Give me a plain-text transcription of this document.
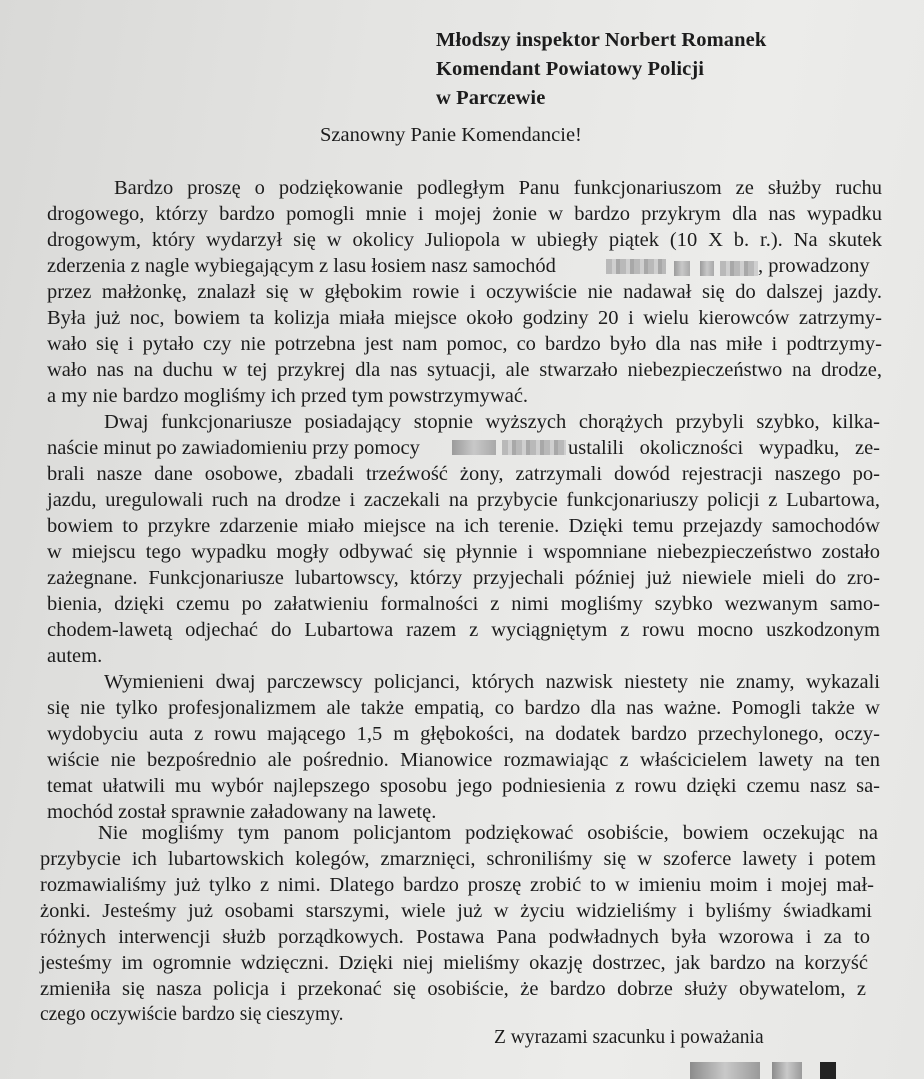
Młodszy inspektor Norbert Romanek
Komendant Powiatowy Policji
w Parczewie
Szanowny Panie Komendancie!
Bardzo proszę o podziękowanie podległym Panu funkcjonariuszom ze służby ruchu
drogowego, którzy bardzo pomogli mnie i mojej żonie w bardzo przykrym dla nas wypadku
drogowym, który wydarzył się w okolicy Juliopola w ubiegły piątek (10 X b. r.). Na skutek
zderzenia z nagle wybiegającym z lasu łosiem nasz samochód	, prowadzony
przez małżonkę, znalazł się w głębokim rowie i oczywiście nie nadawał się do dalszej jazdy.
Była już noc, bowiem ta kolizja miała miejsce około godziny 20 i wielu kierowców zatrzymy-
wało się i pytało czy nie potrzebna jest nam pomoc, co bardzo było dla nas miłe i podtrzymy-
wało nas na duchu w tej przykrej dla nas sytuacji, ale stwarzało niebezpieczeństwo na drodze,
a my nie bardzo mogliśmy ich przed tym powstrzymywać.
Dwaj funkcjonariusze posiadający stopnie wyższych chorążych przybyli szybko, kilka-
naście minut po zawiadomieniu przy pomocy	ustalili okoliczności wypadku, ze-
brali nasze dane osobowe, zbadali trzeźwość żony, zatrzymali dowód rejestracji naszego po-
jazdu, uregulowali ruch na drodze i zaczekali na przybycie funkcjonariuszy policji z Lubartowa,
bowiem to przykre zdarzenie miało miejsce na ich terenie. Dzięki temu przejazdy samochodów
w miejscu tego wypadku mogły odbywać się płynnie i wspomniane niebezpieczeństwo zostało
zażegnane. Funkcjonariusze lubartowscy, którzy przyjechali później już niewiele mieli do zro-
bienia, dzięki czemu po załatwieniu formalności z nimi mogliśmy szybko wezwanym samo-
chodem-lawetą odjechać do Lubartowa razem z wyciągniętym z rowu mocno uszkodzonym
autem.
Wymienieni dwaj parczewscy policjanci, których nazwisk niestety nie znamy, wykazali
się nie tylko profesjonalizmem ale także empatią, co bardzo dla nas ważne. Pomogli także w
wydobyciu auta z rowu mającego 1,5 m głębokości, na dodatek bardzo przechylonego, oczy-
wiście nie bezpośrednio ale pośrednio. Mianowice rozmawiając z właścicielem lawety na ten
temat ułatwili mu wybór najlepszego sposobu jego podniesienia z rowu dzięki czemu nasz sa-
mochód został sprawnie załadowany na lawetę.
Nie mogliśmy tym panom policjantom podziękować osobiście, bowiem oczekując na
przybycie ich lubartowskich kolegów, zmarznięci, schroniliśmy się w szoferce lawety i potem
rozmawialiśmy już tylko z nimi. Dlatego bardzo proszę zrobić to w imieniu moim i mojej mał-
żonki. Jesteśmy już osobami starszymi, wiele już w życiu widzieliśmy i byliśmy świadkami
różnych interwencji służb porządkowych. Postawa Pana podwładnych była wzorowa i za to
jesteśmy im ogromnie wdzięczni. Dzięki niej mieliśmy okazję dostrzec, jak bardzo na korzyść
zmieniła się nasza policja i przekonać się osobiście, że bardzo dobrze służy obywatelom, z
czego oczywiście bardzo się cieszymy.
Z wyrazami szacunku i poważania
